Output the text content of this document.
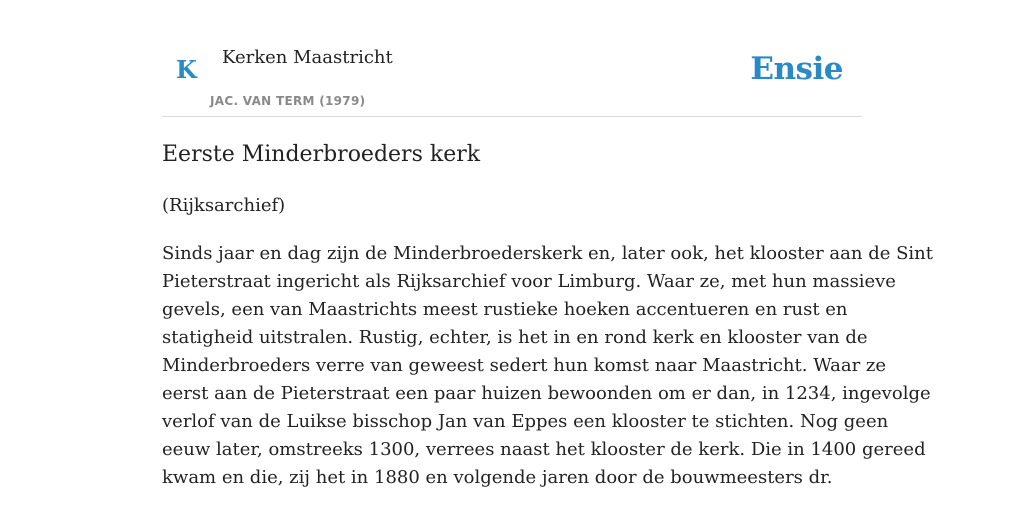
K Kerken Maastricht
JAC. VAN TERM (1979)
Ensie
Eerste Minderbroeders kerk

(Rijksarchief)

Sinds jaar en dag zijn de Minderbroederskerk en, later ook, het klooster aan de Sint
Pieterstraat ingericht als Rijksarchief voor Limburg. Waar ze, met hun massieve
gevels, een van Maastrichts meest rustieke hoeken accentueren en rust en
statigheid uitstralen. Rustig, echter, is het in en rond kerk en klooster van de
Minderbroeders verre van geweest sedert hun komst naar Maastricht. Waar ze
eerst aan de Pieterstraat een paar huizen bewoonden om er dan, in 1234, ingevolge
verlof van de Luikse bisschop Jan van Eppes een klooster te stichten. Nog geen
eeuw later, omstreeks 1300, verrees naast het klooster de kerk. Die in 1400 gereed
kwam en die, zij het in 1880 en volgende jaren door de bouwmeesters dr.
